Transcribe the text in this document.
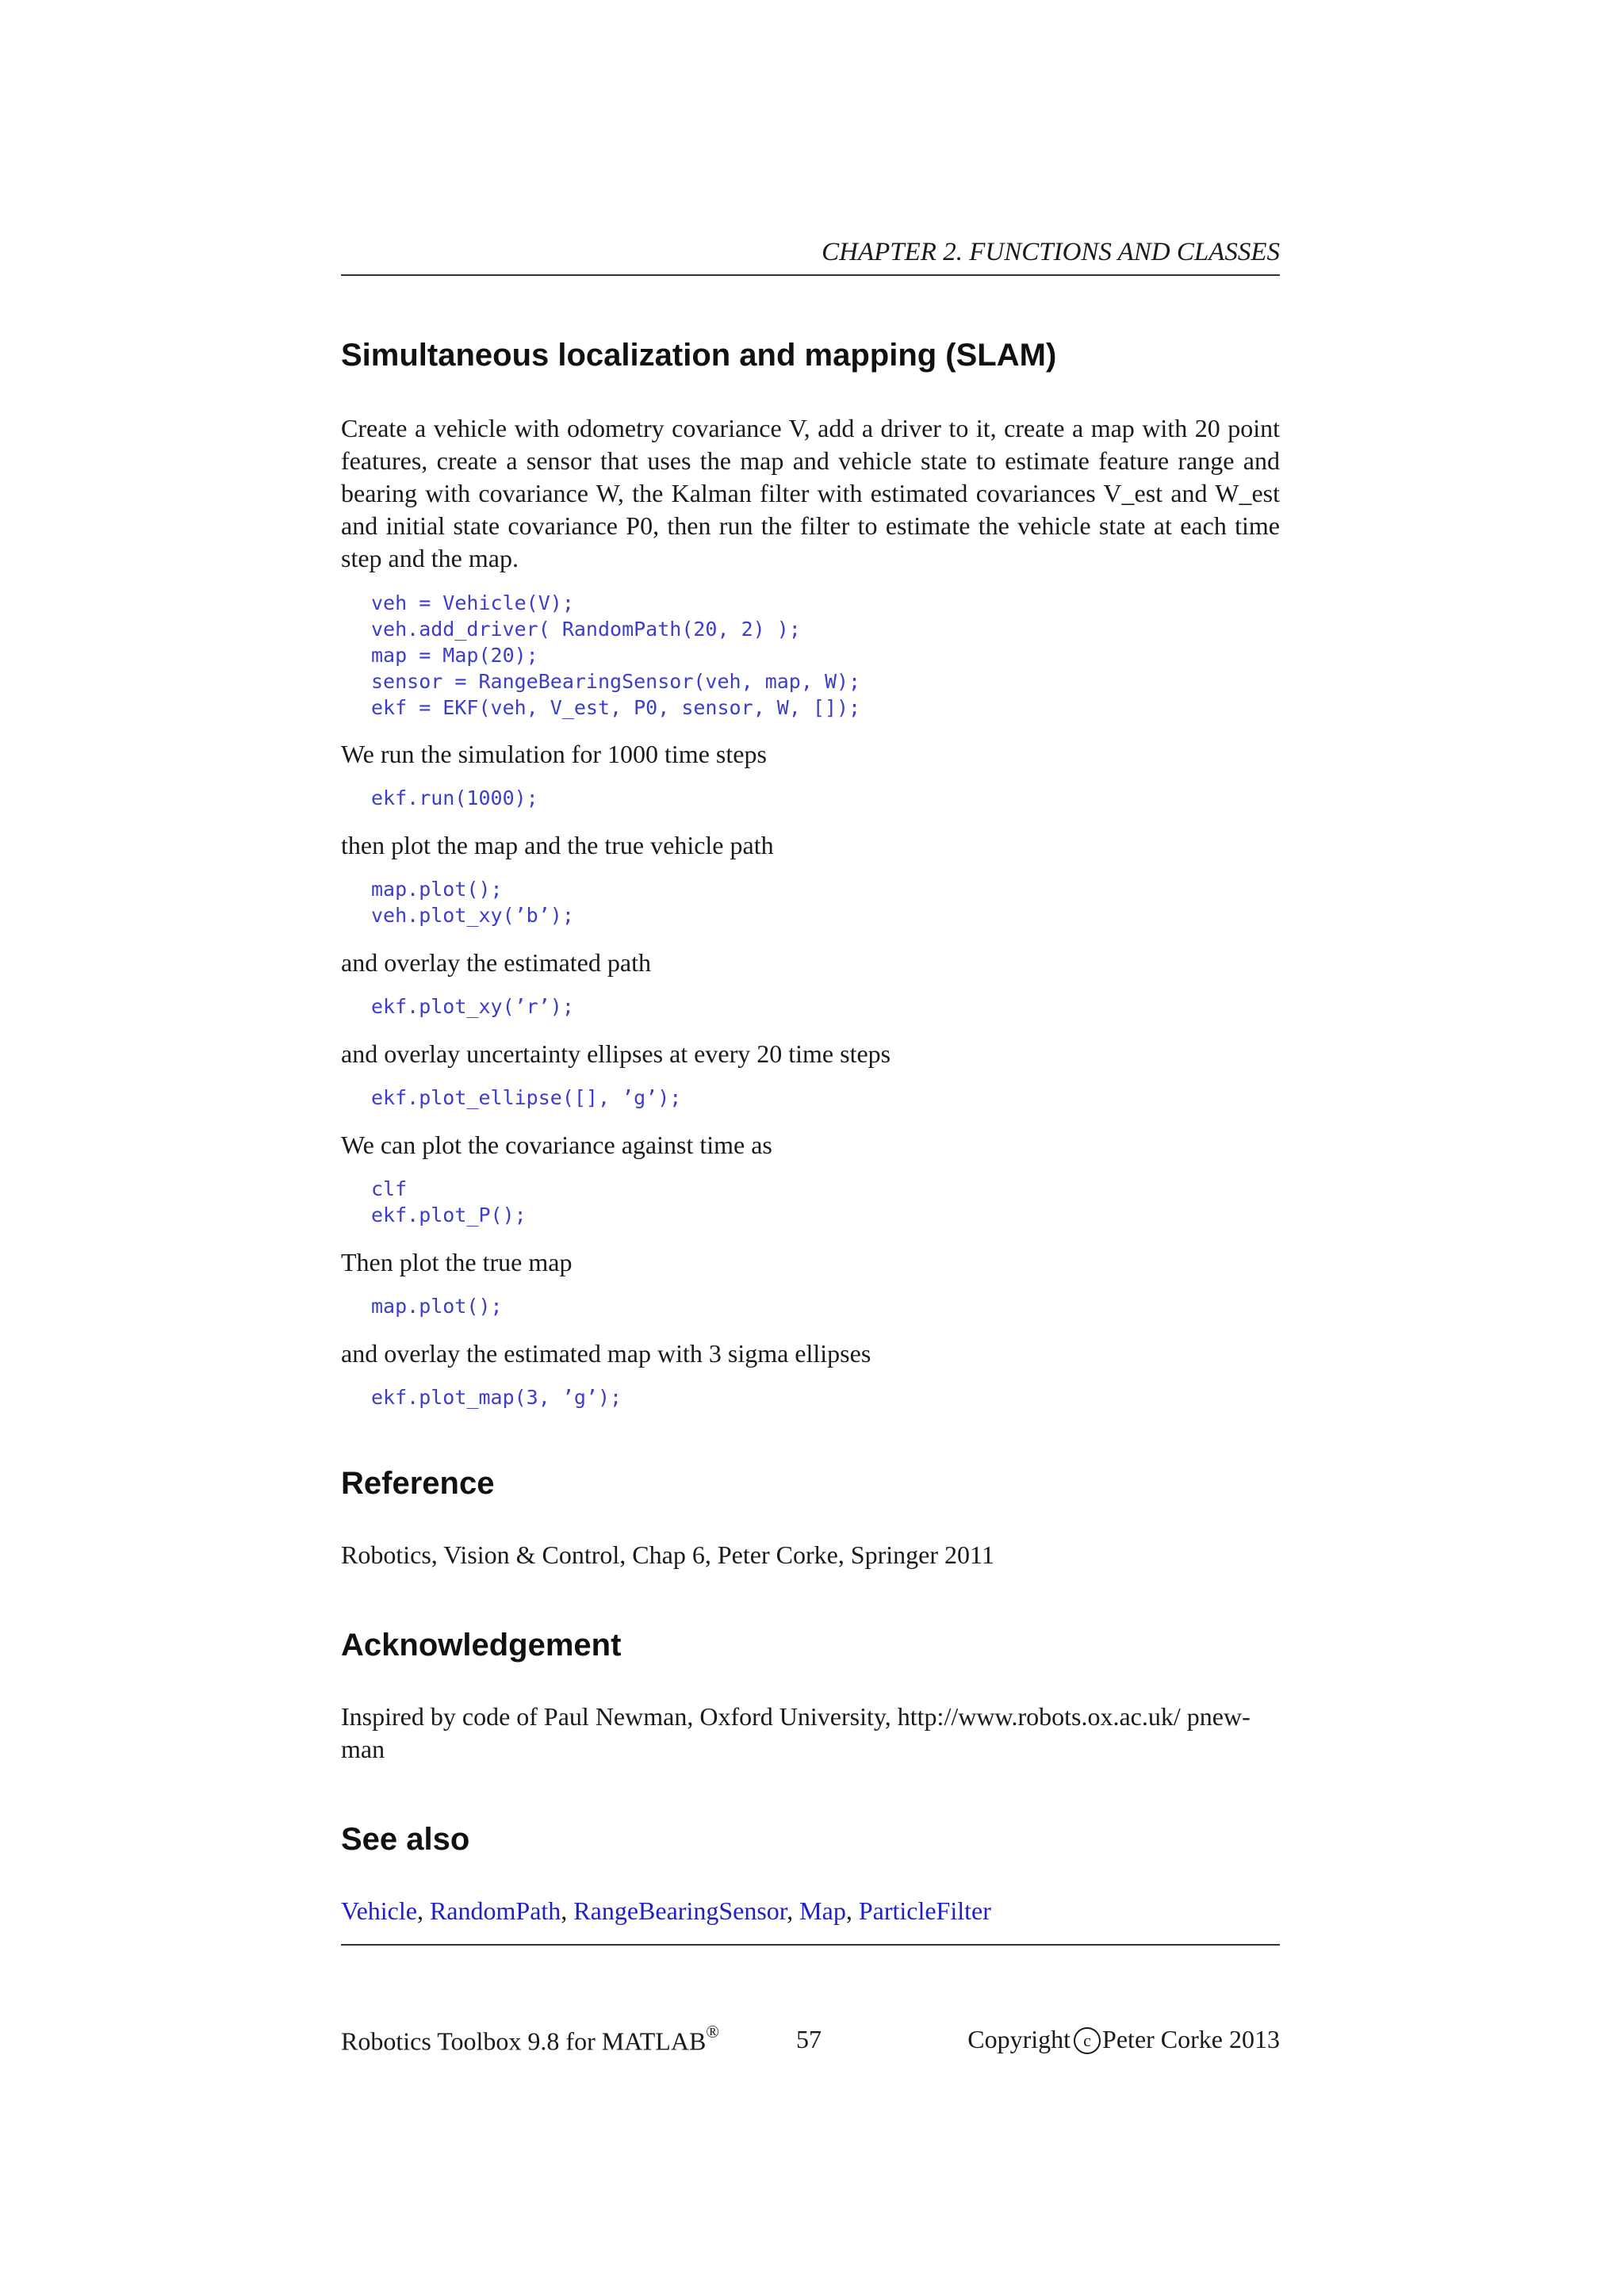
CHAPTER 2. FUNCTIONS AND CLASSES
Simultaneous localization and mapping (SLAM)

Create a vehicle with odometry covariance V, add a driver to it, create a map with 20 point features, create a sensor that uses the map and vehicle state to estimate feature range and bearing with covariance W, the Kalman filter with estimated covariances V_est and W_est and initial state covariance P0, then run the filter to estimate the vehicle state at each time step and the map.

veh = Vehicle(V);
veh.add_driver( RandomPath(20, 2) );
map = Map(20);
sensor = RangeBearingSensor(veh, map, W);
ekf = EKF(veh, V_est, P0, sensor, W, []);

We run the simulation for 1000 time steps

ekf.run(1000);

then plot the map and the true vehicle path

map.plot();
veh.plot_xy(’b’);

and overlay the estimated path

ekf.plot_xy(’r’);

and overlay uncertainty ellipses at every 20 time steps

ekf.plot_ellipse([], ’g’);

We can plot the covariance against time as

clf
ekf.plot_P();

Then plot the true map

map.plot();

and overlay the estimated map with 3 sigma ellipses

ekf.plot_map(3, ’g’);
Reference

Robotics, Vision & Control, Chap 6, Peter Corke, Springer 2011

Acknowledgement

Inspired by code of Paul Newman, Oxford University, http://www.robots.ox.ac.uk/ pnew-

man

See also

Vehicle, RandomPath, RangeBearingSensor, Map, ParticleFilter

Robotics Toolbox 9.8 for MATLAB®	57	Copyright c Peter Corke 2013
